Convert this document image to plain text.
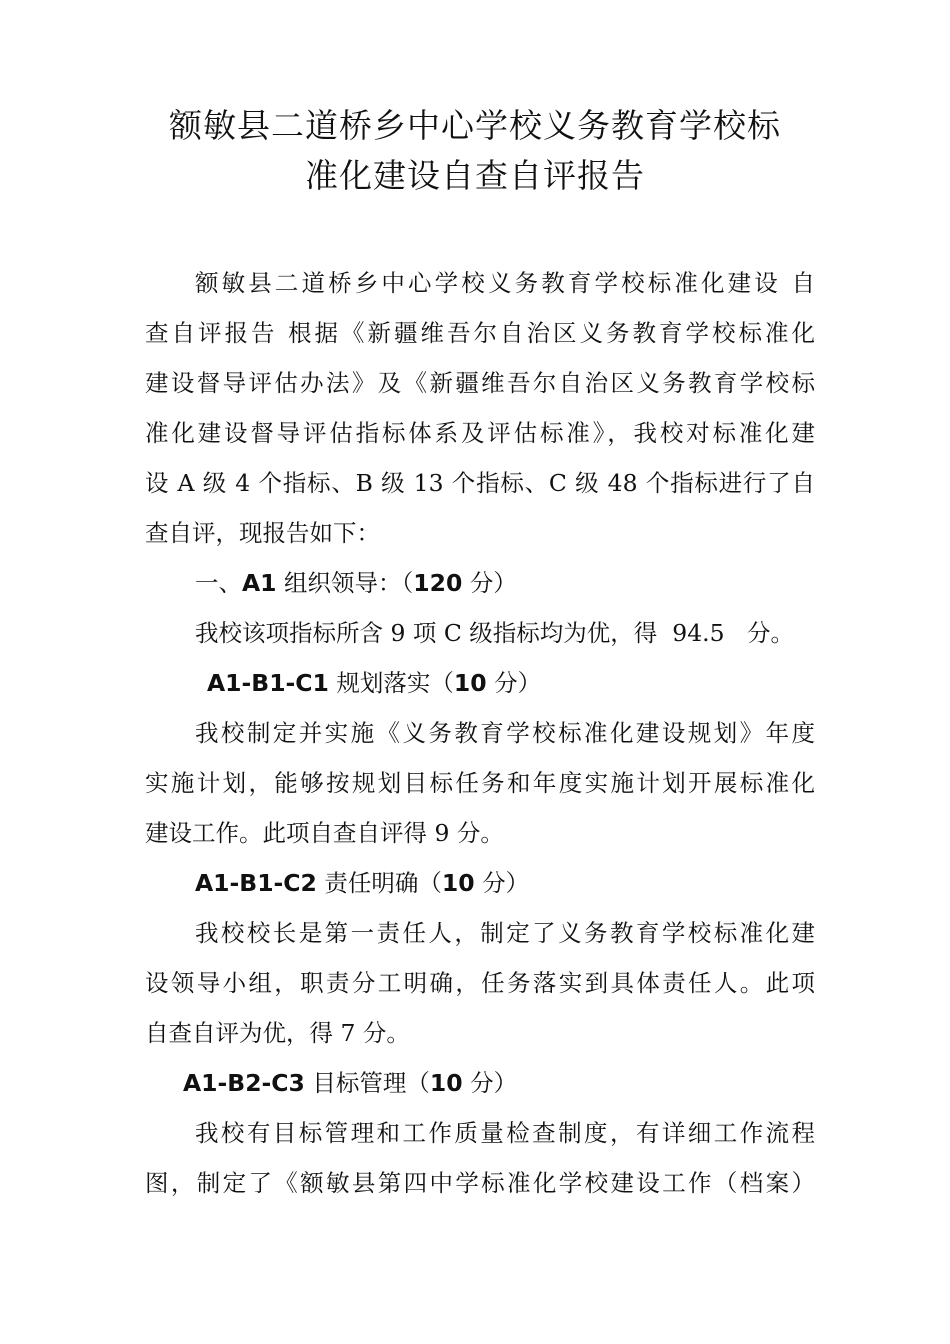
额敏县二道桥乡中心学校义务教育学校标
准化建设自查自评报告
额敏县二道桥乡中心学校义务教育学校标准化建设 自
查自评报告 根据《新疆维吾尔自治区义务教育学校标准化
建设督导评估办法》及《新疆维吾尔自治区义务教育学校标
准化建设督导评估指标体系及评估标准》，我校对标准化建
设 A 级 4 个指标、B 级 13 个指标、C 级 48 个指标进行了自
查自评，现报告如下：
一、A1 组织领导：（120 分）
我校该项指标所含 9 项 C 级指标均为优，得  94.5   分。
A1-B1-C1 规划落实（10 分）
我校制定并实施《义务教育学校标准化建设规划》年度
实施计划，能够按规划目标任务和年度实施计划开展标准化
建设工作。此项自查自评得 9 分。
A1-B1-C2 责任明确（10 分）
我校校长是第一责任人，制定了义务教育学校标准化建
设领导小组，职责分工明确，任务落实到具体责任人。此项
自查自评为优，得 7 分。
A1-B2-C3 目标管理（10 分）
我校有目标管理和工作质量检查制度，有详细工作流程
图，制定了《额敏县第四中学标准化学校建设工作（档案）
